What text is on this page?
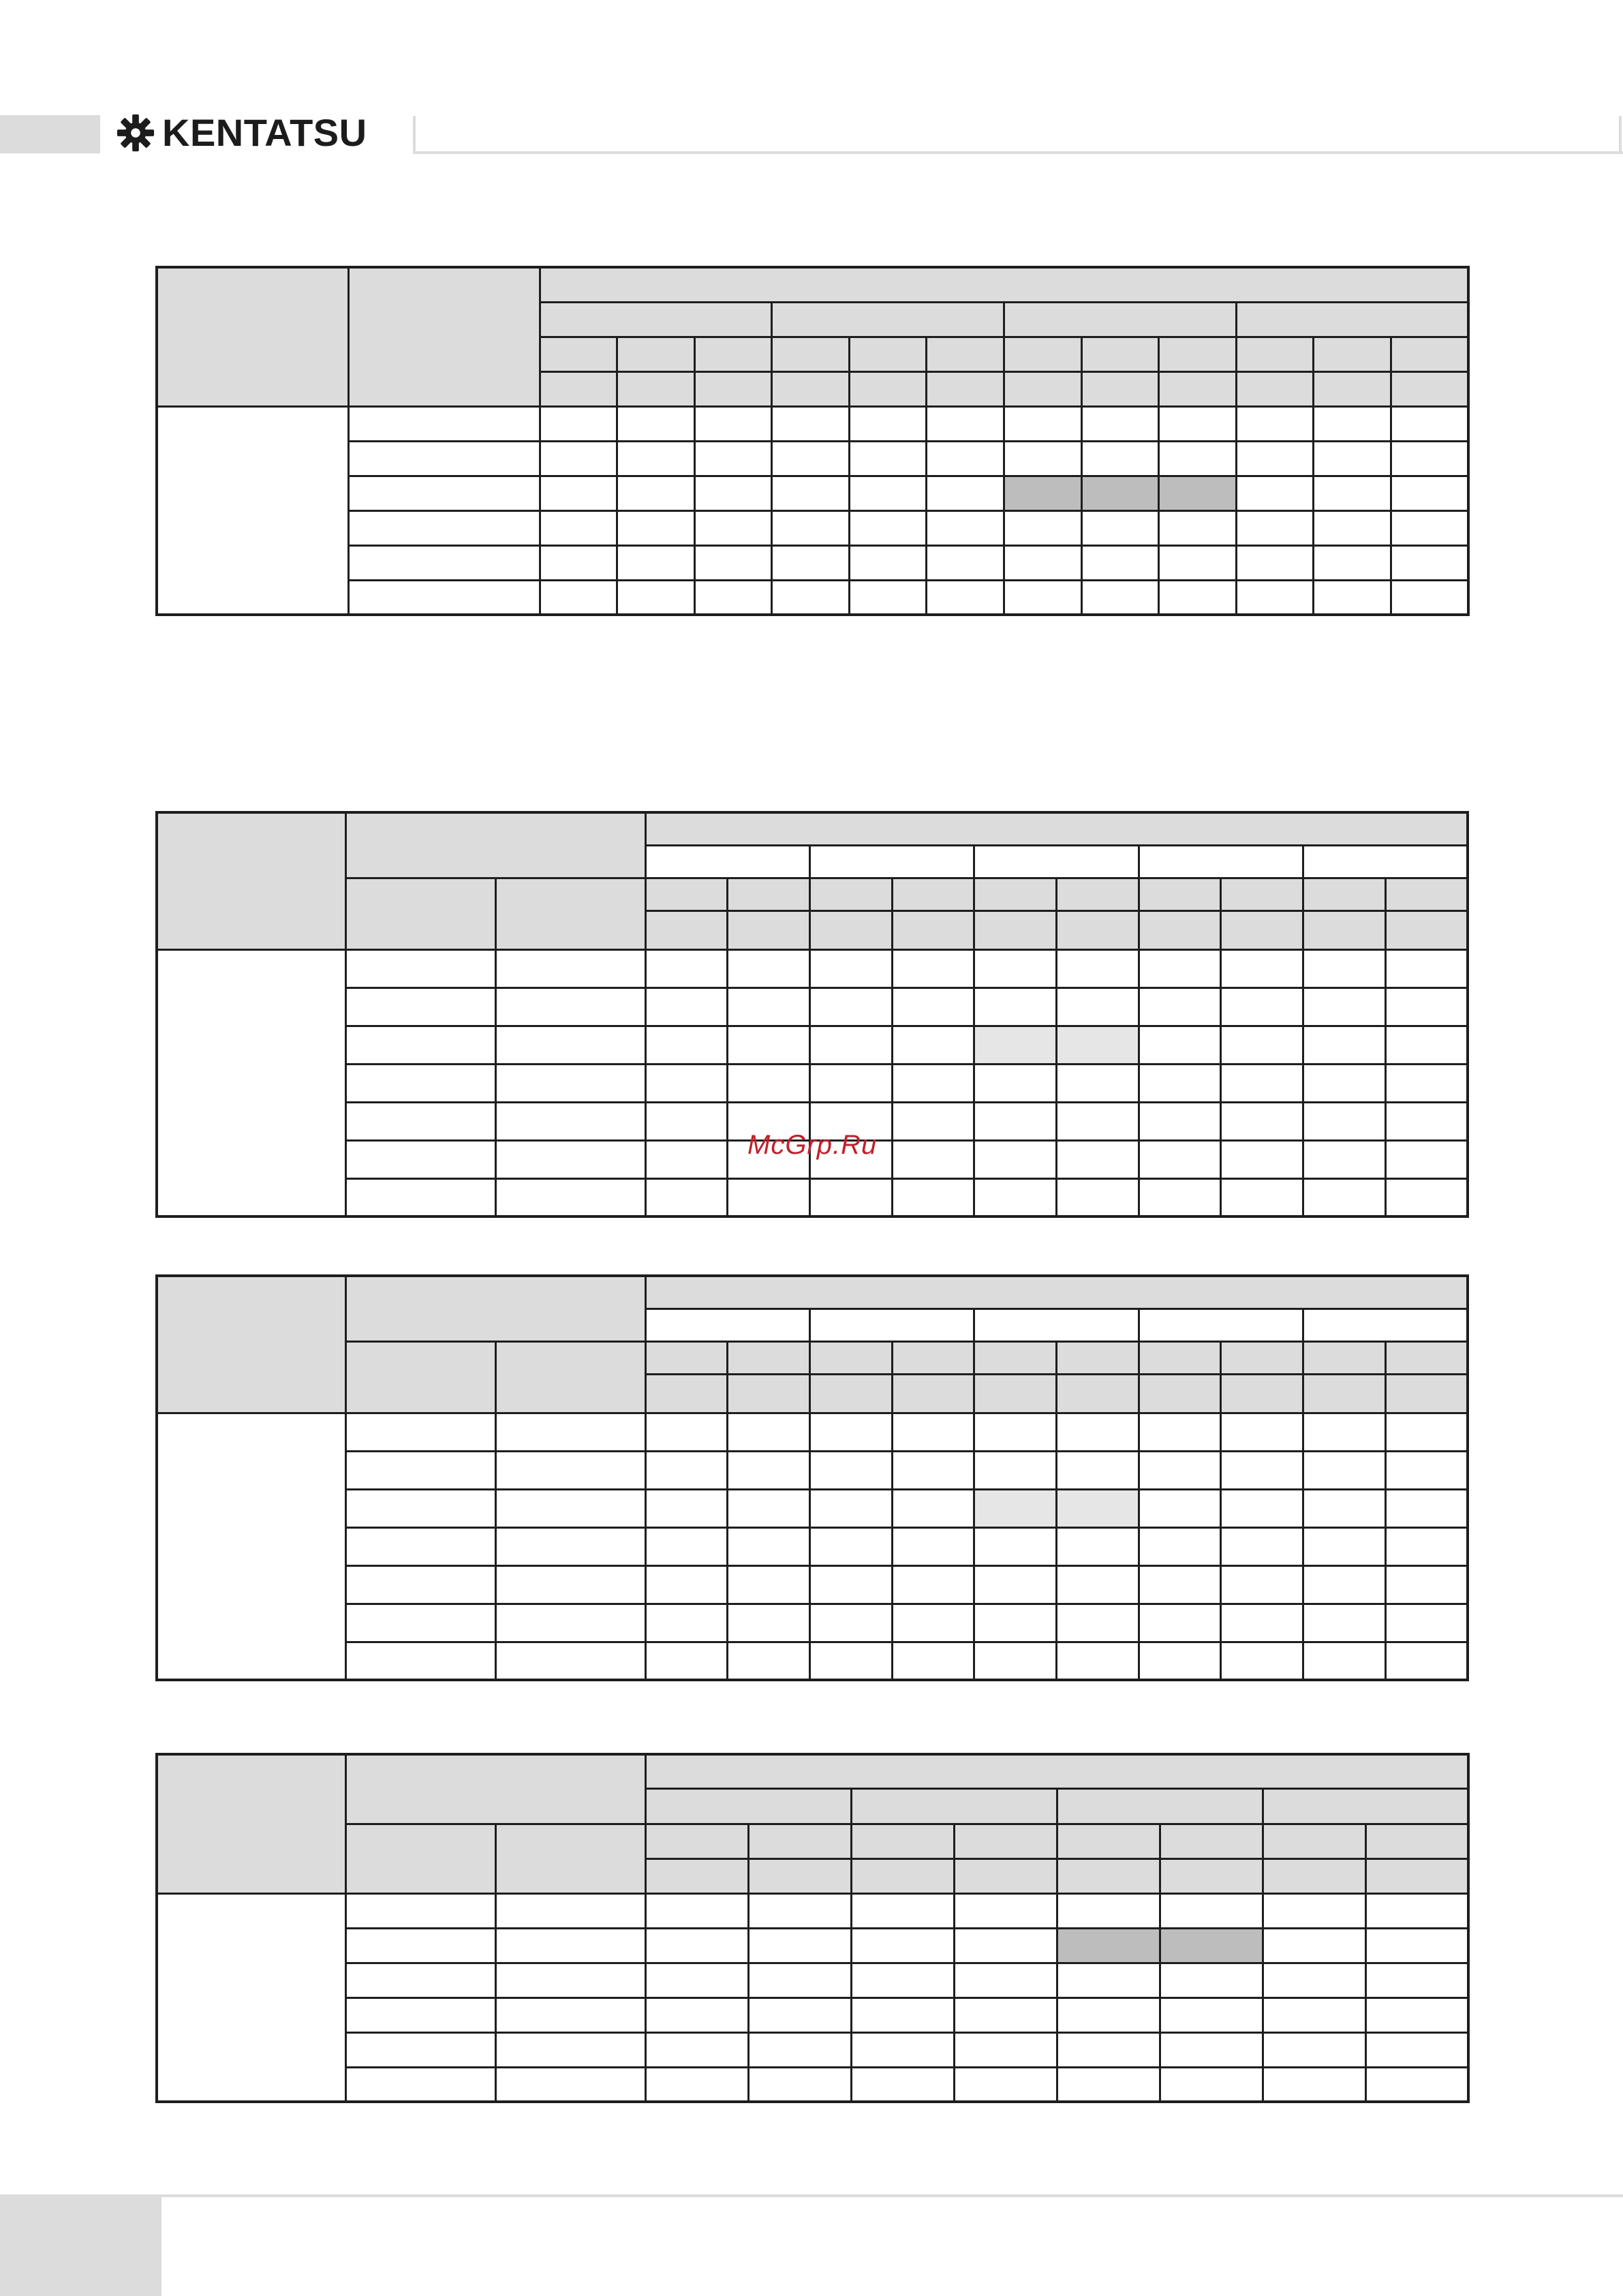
KENTATSU

McGrp.Ru
